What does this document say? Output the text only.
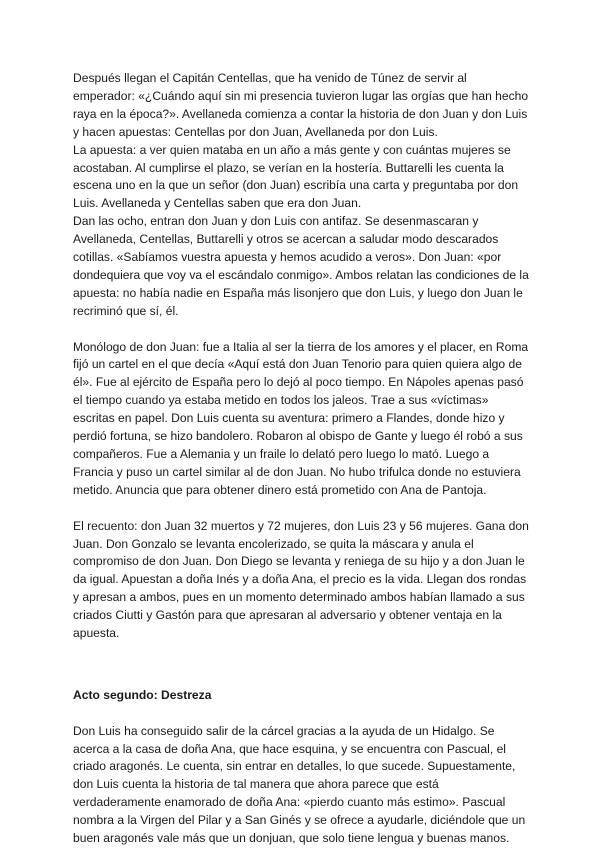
Después llegan el Capitán Centellas, que ha venido de Túnez de servir al emperador: «¿Cuándo aquí sin mi presencia tuvieron lugar las orgías que han hecho raya en la época?». Avellaneda comienza a contar la historia de don Juan y don Luis y hacen apuestas: Centellas por don Juan, Avellaneda por don Luis.

La apuesta: a ver quien mataba en un año a más gente y con cuántas mujeres se acostaban. Al cumplirse el plazo, se verían en la hostería. Buttarelli les cuenta la escena uno en la que un señor (don Juan) escribía una carta y preguntaba por don Luis. Avellaneda y Centellas saben que era don Juan.

Dan las ocho, entran don Juan y don Luis con antifaz. Se desenmascaran y Avellaneda, Centellas, Buttarelli y otros se acercan a saludar modo descarados cotillas. «Sabíamos vuestra apuesta y hemos acudido a veros». Don Juan: «por dondequiera que voy va el escándalo conmigo». Ambos relatan las condiciones de la apuesta: no había nadie en España más lisonjero que don Luis, y luego don Juan le recriminó que sí, él.

Monólogo de don Juan: fue a Italia al ser la tierra de los amores y el placer, en Roma fijó un cartel en el que decía «Aquí está don Juan Tenorio para quien quiera algo de él». Fue al ejército de España pero lo dejó al poco tiempo. En Nápoles apenas pasó el tiempo cuando ya estaba metido en todos los jaleos. Trae a sus «víctimas» escritas en papel. Don Luis cuenta su aventura: primero a Flandes, donde hizo y perdió fortuna, se hizo bandolero. Robaron al obispo de Gante y luego él robó a sus compañeros. Fue a Alemania y un fraile lo delató pero luego lo mató. Luego a Francia y puso un cartel similar al de don Juan. No hubo trifulca donde no estuviera metido. Anuncia que para obtener dinero está prometido con Ana de Pantoja.

El recuento: don Juan 32 muertos y 72 mujeres, don Luis 23 y 56 mujeres. Gana don Juan. Don Gonzalo se levanta encolerizado, se quita la máscara y anula el compromiso de don Juan. Don Diego se levanta y reniega de su hijo y a don Juan le da igual. Apuestan a doña Inés y a doña Ana, el precio es la vida. Llegan dos rondas y apresan a ambos, pues en un momento determinado ambos habían llamado a sus criados Ciutti y Gastón para que apresaran al adversario y obtener ventaja en la apuesta.

Acto segundo: Destreza

Don Luis ha conseguido salir de la cárcel gracias a la ayuda de un Hidalgo. Se acerca a la casa de doña Ana, que hace esquina, y se encuentra con Pascual, el criado aragonés. Le cuenta, sin entrar en detalles, lo que sucede. Supuestamente, don Luis cuenta la historia de tal manera que ahora parece que está verdaderamente enamorado de doña Ana: «pierdo cuanto más estimo». Pascual nombra a la Virgen del Pilar y a San Ginés y se ofrece a ayudarle, diciéndole que un buen aragonés vale más que un donjuan, que solo tiene lengua y buenas manos.
